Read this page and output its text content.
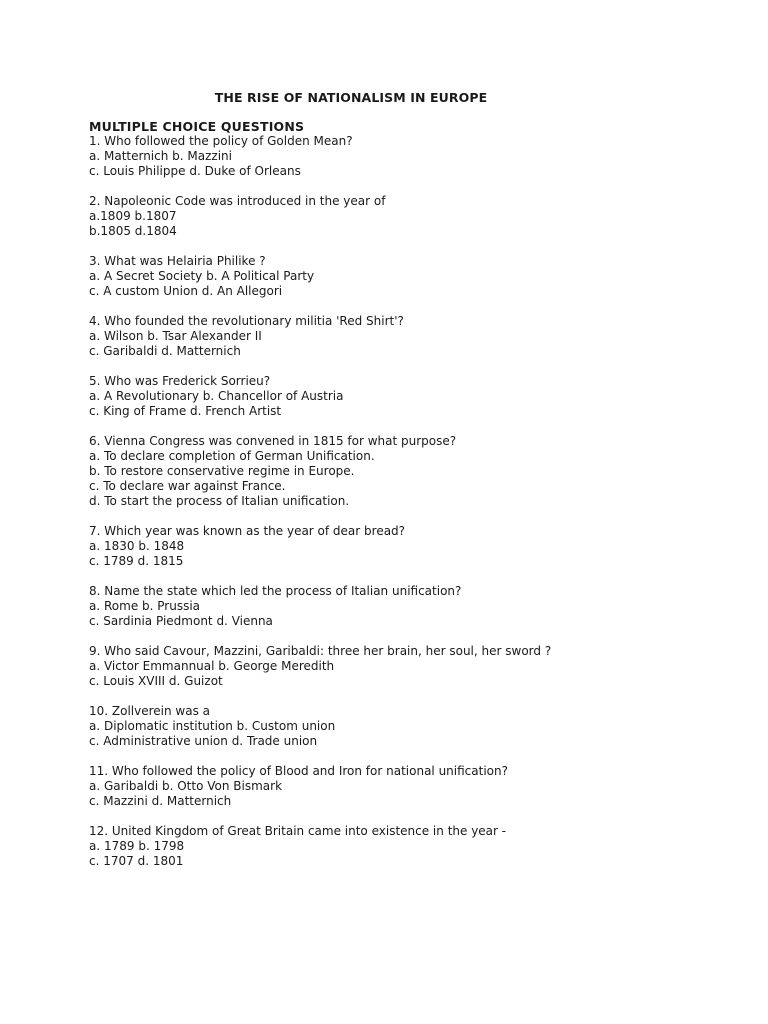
THE RISE OF NATIONALISM IN EUROPE
MULTIPLE CHOICE QUESTIONS
1. Who followed the policy of Golden Mean?
a. Matternich b. Mazzini
c. Louis Philippe d. Duke of Orleans
2. Napoleonic Code was introduced in the year of
a.1809 b.1807
b.1805 d.1804
3. What was Helairia Philike ?
a. A Secret Society b. A Political Party
c. A custom Union d. An Allegori
4. Who founded the revolutionary militia 'Red Shirt'?
a. Wilson b. Tsar Alexander II
c. Garibaldi d. Matternich
5. Who was Frederick Sorrieu?
a. A Revolutionary b. Chancellor of Austria
c. King of Frame d. French Artist
6. Vienna Congress was convened in 1815 for what purpose?
a. To declare completion of German Unification.
b. To restore conservative regime in Europe.
c. To declare war against France.
d. To start the process of Italian unification.
7. Which year was known as the year of dear bread?
a. 1830 b. 1848
c. 1789 d. 1815
8. Name the state which led the process of Italian unification?
a. Rome b. Prussia
c. Sardinia Piedmont d. Vienna
9. Who said Cavour, Mazzini, Garibaldi: three her brain, her soul, her sword ?
a. Victor Emmannual b. George Meredith
c. Louis XVIII d. Guizot
10. Zollverein was a
a. Diplomatic institution b. Custom union
c. Administrative union d. Trade union
11. Who followed the policy of Blood and Iron for national unification?
a. Garibaldi b. Otto Von Bismark
c. Mazzini d. Matternich
12. United Kingdom of Great Britain came into existence in the year -
a. 1789 b. 1798
c. 1707 d. 1801
